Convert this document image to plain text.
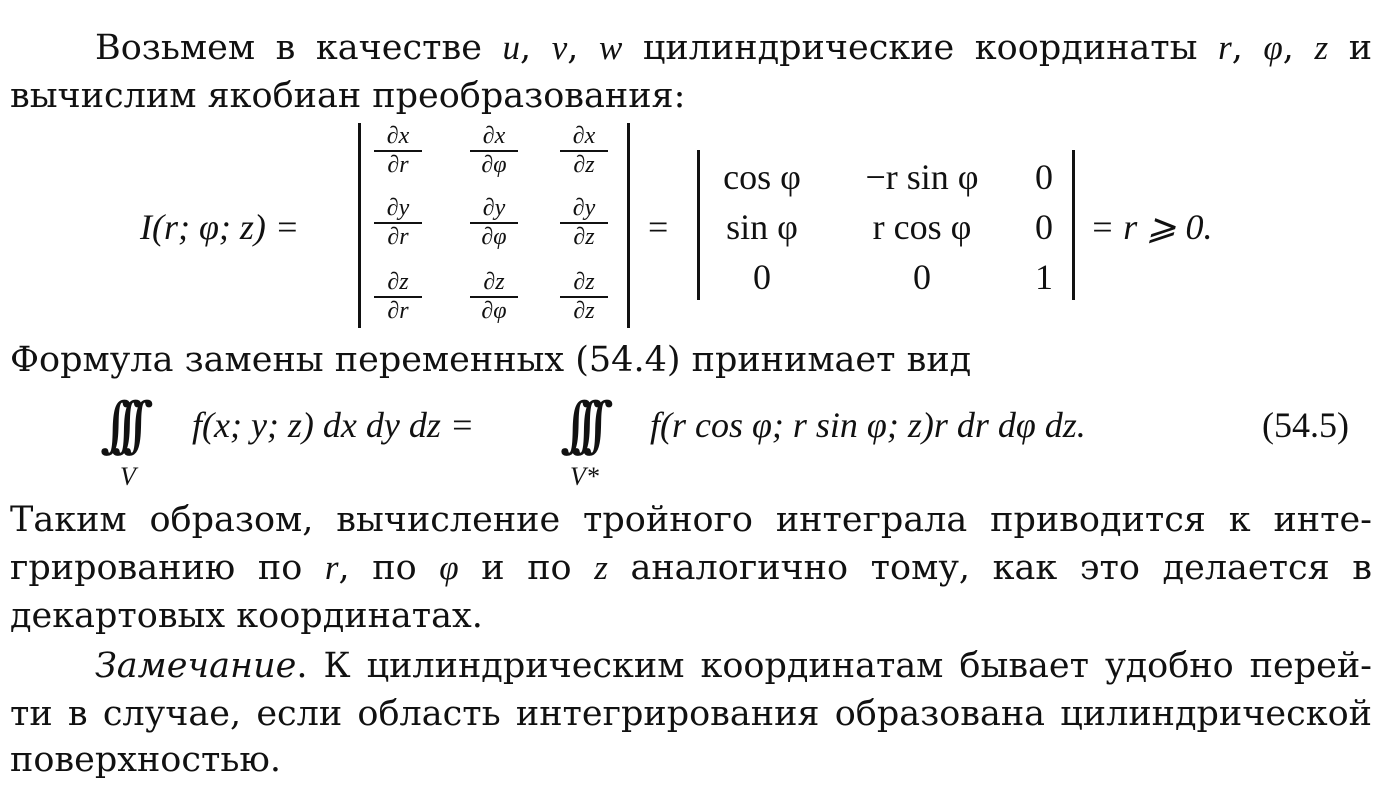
Возьмем в качестве u, v, w цилиндрические координаты r, φ, z и
вычислим якобиан преобразования:
I(r; φ; z) =
$\frac{\partial x}{\partial r} \frac{\partial x}{\partial\varphi} \frac{\partial x}{\partial z}$
$\frac{\partial y}{\partial r} \frac{\partial y}{\partial\varphi} \frac{\partial y}{\partial z}$
$\frac{\partial z}{\partial r} \frac{\partial z}{\partial\varphi} \frac{\partial z}{\partial z}$
=
cos φ	−r sin φ	0
sin φ	r cos φ	0
0	0	1
= r ⩾ 0.
Формула замены переменных (54.4) принимает вид
∫∫∫
V
f(x; y; z) dx dy dz = ∫∫∫
V*
f(r cos φ; r sin φ; z)r dr dφ dz.	(54.5)
Таким образом, вычисление тройного интеграла приводится к инте-
грированию по r, по φ и по z аналогично тому, как это делается в
декартовых координатах.
Замечание. К цилиндрическим координатам бывает удобно перей-
ти в случае, если область интегрирования образована цилиндрической
поверхностью.
